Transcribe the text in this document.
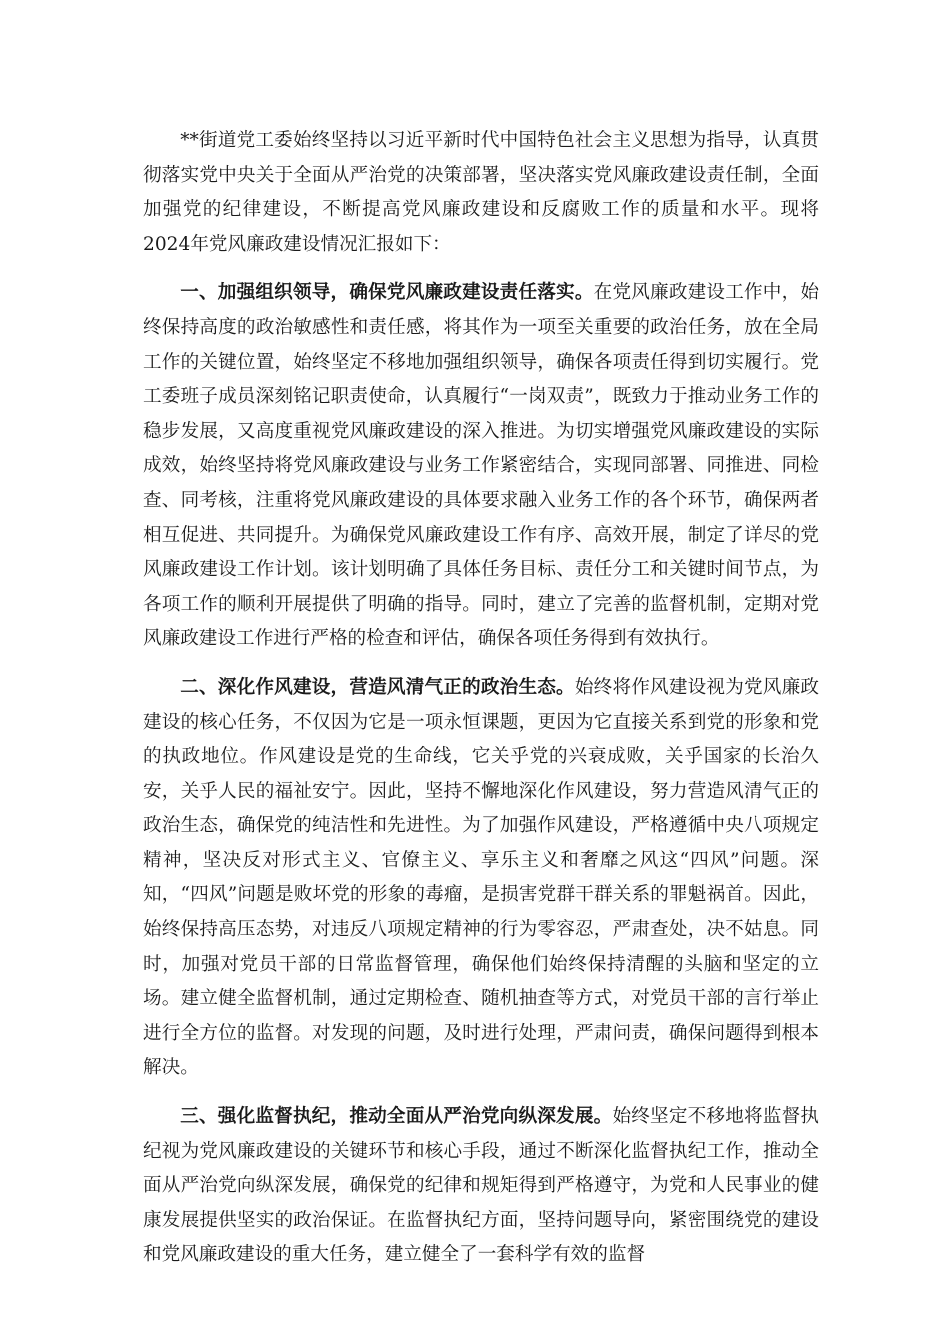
**街道党工委始终坚持以习近平新时代中国特色社会主义思想为指导，认真贯彻落实党中央关于全面从严治党的决策部署，坚决落实党风廉政建设责任制，全面加强党的纪律建设，不断提高党风廉政建设和反腐败工作的质量和水平。现将2024年党风廉政建设情况汇报如下：

一、加强组织领导，确保党风廉政建设责任落实。在党风廉政建设工作中，始终保持高度的政治敏感性和责任感，将其作为一项至关重要的政治任务，放在全局工作的关键位置，始终坚定不移地加强组织领导，确保各项责任得到切实履行。党工委班子成员深刻铭记职责使命，认真履行“一岗双责”，既致力于推动业务工作的稳步发展，又高度重视党风廉政建设的深入推进。为切实增强党风廉政建设的实际成效，始终坚持将党风廉政建设与业务工作紧密结合，实现同部署、同推进、同检查、同考核，注重将党风廉政建设的具体要求融入业务工作的各个环节，确保两者相互促进、共同提升。为确保党风廉政建设工作有序、高效开展，制定了详尽的党风廉政建设工作计划。该计划明确了具体任务目标、责任分工和关键时间节点，为各项工作的顺利开展提供了明确的指导。同时，建立了完善的监督机制，定期对党风廉政建设工作进行严格的检查和评估，确保各项任务得到有效执行。

二、深化作风建设，营造风清气正的政治生态。始终将作风建设视为党风廉政建设的核心任务，不仅因为它是一项永恒课题，更因为它直接关系到党的形象和党的执政地位。作风建设是党的生命线，它关乎党的兴衰成败，关乎国家的长治久安，关乎人民的福祉安宁。因此，坚持不懈地深化作风建设，努力营造风清气正的政治生态，确保党的纯洁性和先进性。为了加强作风建设，严格遵循中央八项规定精神，坚决反对形式主义、官僚主义、享乐主义和奢靡之风这“四风”问题。深知，“四风”问题是败坏党的形象的毒瘤，是损害党群干群关系的罪魁祸首。因此，始终保持高压态势，对违反八项规定精神的行为零容忍，严肃查处，决不姑息。同时，加强对党员干部的日常监督管理，确保他们始终保持清醒的头脑和坚定的立场。建立健全监督机制，通过定期检查、随机抽查等方式，对党员干部的言行举止进行全方位的监督。对发现的问题，及时进行处理，严肃问责，确保问题得到根本解决。

三、强化监督执纪，推动全面从严治党向纵深发展。始终坚定不移地将监督执纪视为党风廉政建设的关键环节和核心手段，通过不断深化监督执纪工作，推动全面从严治党向纵深发展，确保党的纪律和规矩得到严格遵守，为党和人民事业的健康发展提供坚实的政治保证。在监督执纪方面，坚持问题导向，紧密围绕党的建设和党风廉政建设的重大任务，建立健全了一套科学有效的监督
